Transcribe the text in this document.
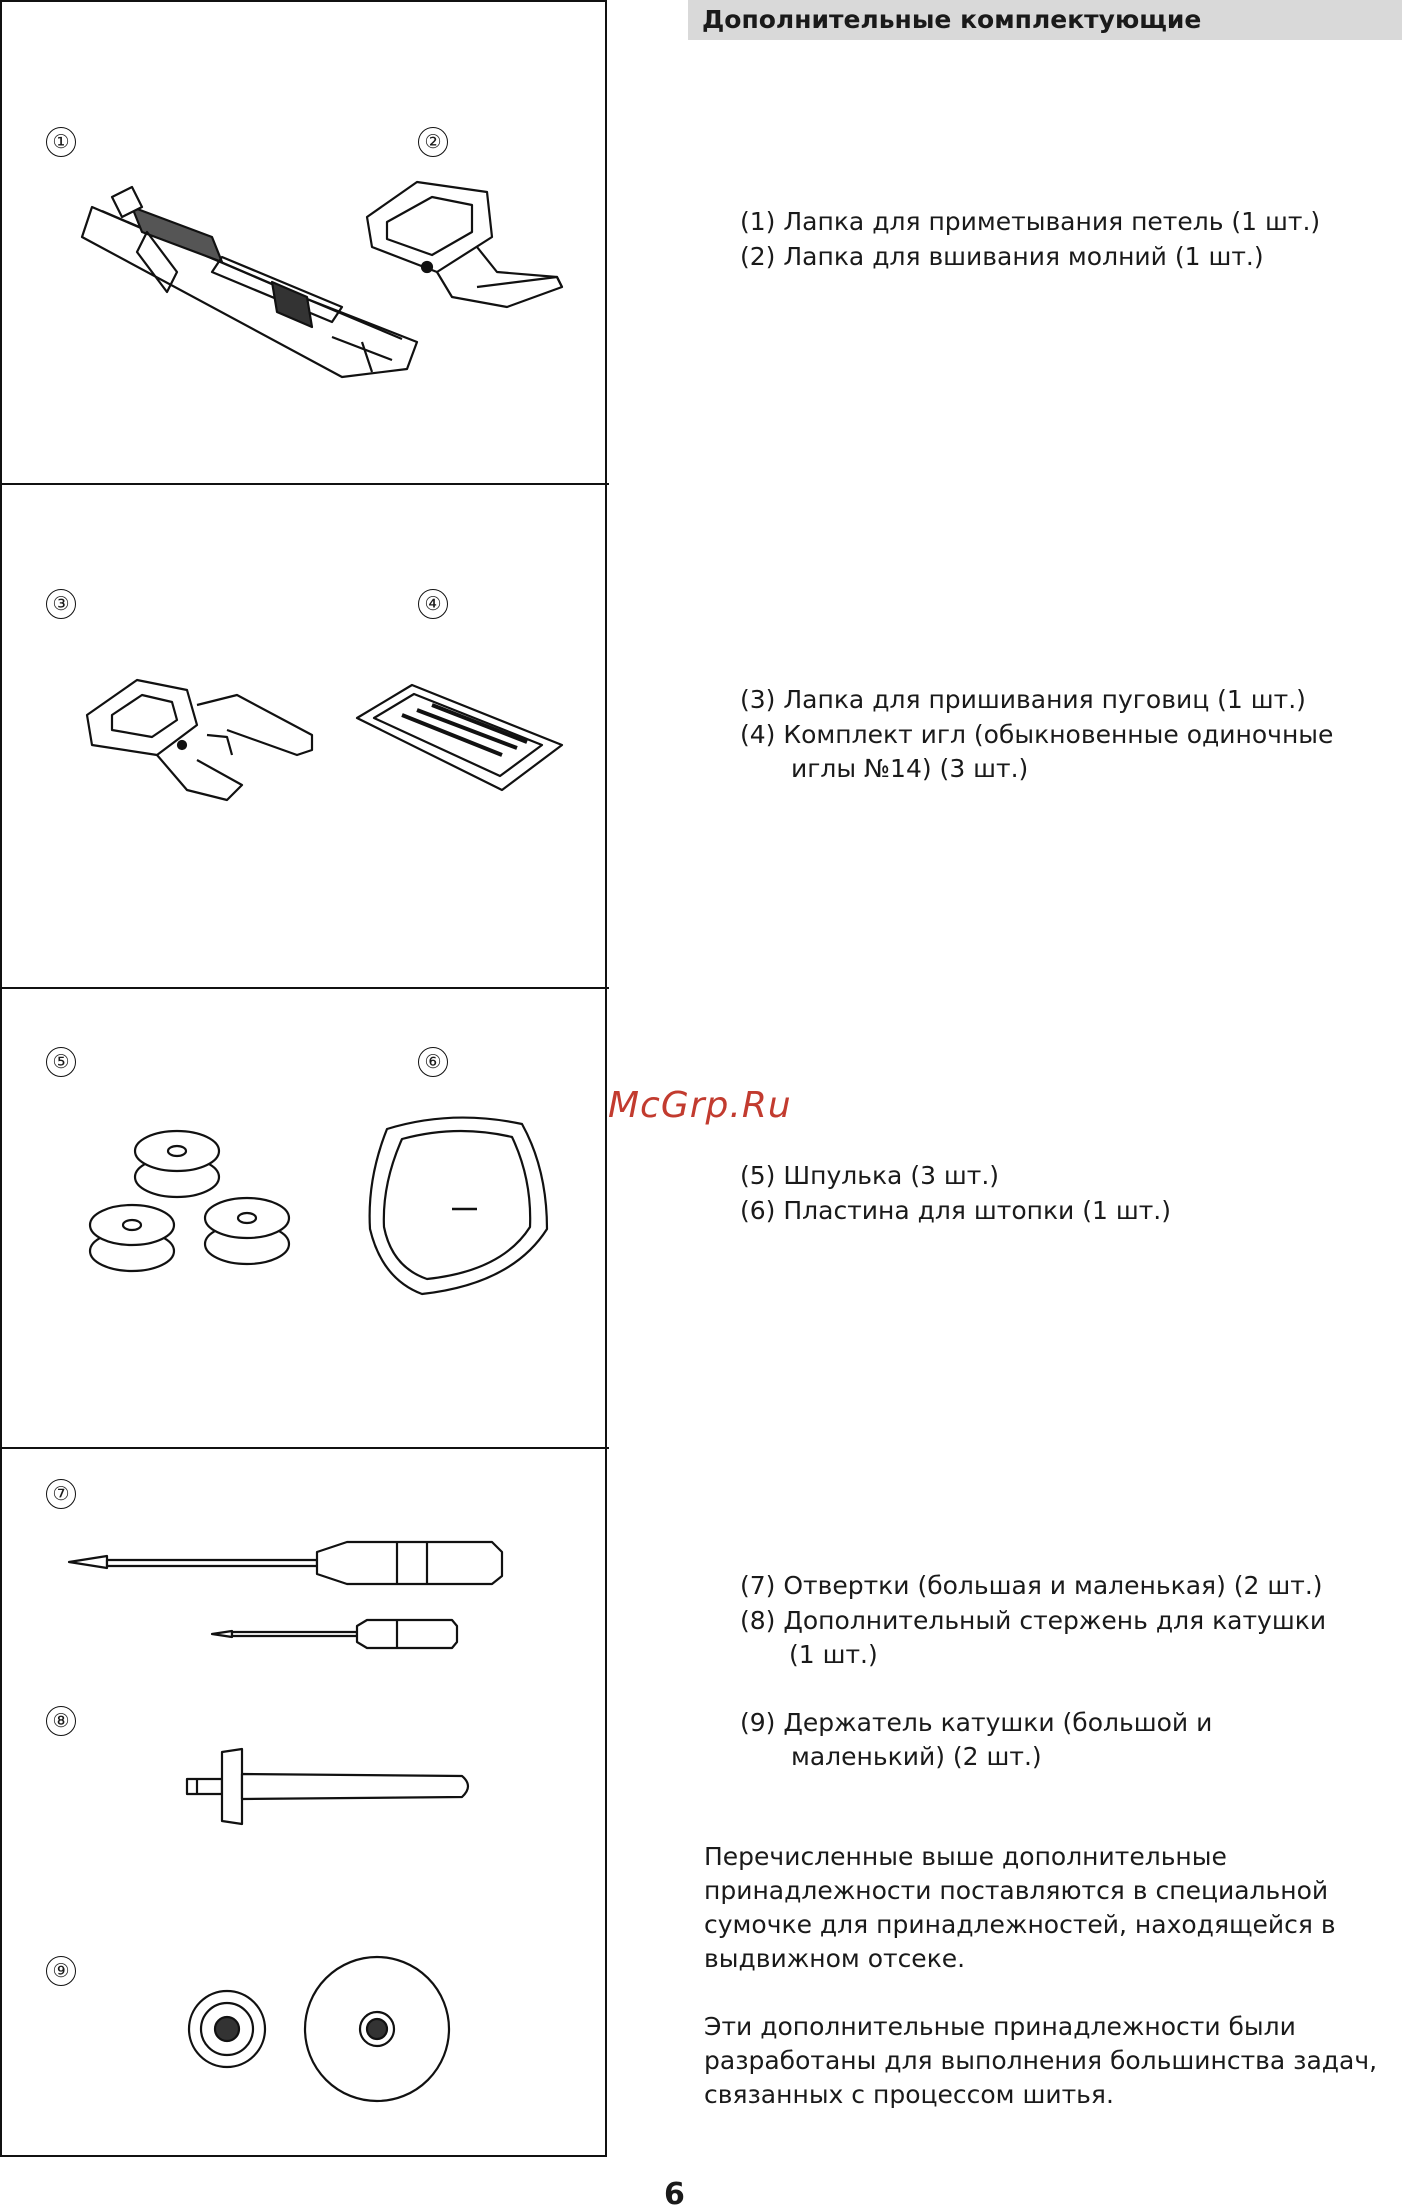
①	②
③	④
⑤	⑥
⑦
⑧
⑨
Дополнительные комплектующие
(1) Лапка для приметывания петель (1 шт.)
(2) Лапка для вшивания молний (1 шт.)
(3) Лапка для пришивания пуговиц (1 шт.)
(4) Комплект игл (обыкновенные одиночные
иглы №14) (3 шт.)
(5) Шпулька (3 шт.)
(6) Пластина для штопки (1 шт.)
(7) Отвертки (большая и маленькая) (2 шт.)
(8) Дополнительный стержень для катушки
(1 шт.)
(9) Держатель катушки (большой и
маленький) (2 шт.)
Перечисленные выше дополнительные принадлежности поставляются в специальной сумочке для принадлежностей, находящейся в выдвижном отсеке.
Эти дополнительные принадлежности были разработаны для выполнения большинства задач, связанных с процессом шитья.
McGrp.Ru
6
